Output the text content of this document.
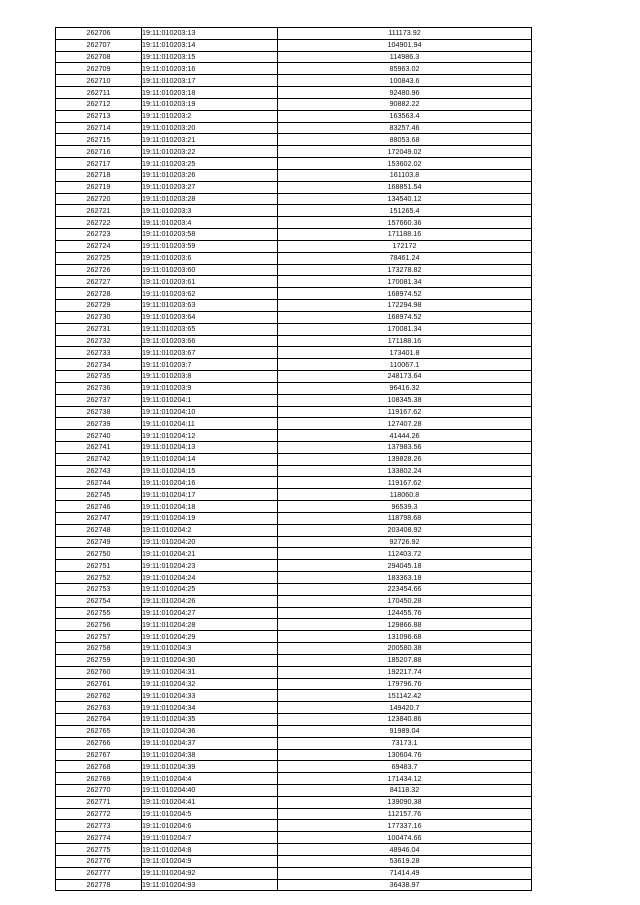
262706	19:11:010203:13	111173.92
262707	19:11:010203:14	104901.94
262708	19:11:010203:15	114986.3
262709	19:11:010203:16	85963.02
262710	19:11:010203:17	100843.6
262711	19:11:010203:18	92480.96
262712	19:11:010203:19	90882.22
262713	19:11:010203:2	163563.4
262714	19:11:010203:20	83257.46
262715	19:11:010203:21	88053.68
262716	19:11:010203:22	172049.02
262717	19:11:010203:25	153602.02
262718	19:11:010203:26	161103.8
262719	19:11:010203:27	168851.54
262720	19:11:010203:28	134540.12
262721	19:11:010203:3	151265.4
262722	19:11:010203:4	157660.36
262723	19:11:010203:58	171188.16
262724	19:11:010203:59	172172
262725	19:11:010203:6	78461.24
262726	19:11:010203:60	173278.82
262727	19:11:010203:61	170081.34
262728	19:11:010203:62	168974.52
262729	19:11:010203:63	172294.98
262730	19:11:010203:64	168974.52
262731	19:11:010203:65	170081.34
262732	19:11:010203:66	171188.16
262733	19:11:010203:67	173401.8
262734	19:11:010203:7	110067.1
262735	19:11:010203:8	248173.64
262736	19:11:010203:9	96416.32
262737	19:11:010204:1	108345.38
262738	19:11:010204:10	119167.62
262739	19:11:010204:11	127407.28
262740	19:11:010204:12	41444.26
262741	19:11:010204:13	137983.56
262742	19:11:010204:14	139828.26
262743	19:11:010204:15	133802.24
262744	19:11:010204:16	119167.62
262745	19:11:010204:17	118060.8
262746	19:11:010204:18	96539.3
262747	19:11:010204:19	118798.68
262748	19:11:010204:2	203408.92
262749	19:11:010204:20	92726.92
262750	19:11:010204:21	112403.72
262751	19:11:010204:23	294045.18
262752	19:11:010204:24	183363.18
262753	19:11:010204:25	223454.66
262754	19:11:010204:26	170450.28
262755	19:11:010204:27	124455.76
262756	19:11:010204:28	129866.88
262757	19:11:010204:29	131096.68
262758	19:11:010204:3	200580.38
262759	19:11:010204:30	185207.88
262760	19:11:010204:31	192217.74
262761	19:11:010204:32	179796.76
262762	19:11:010204:33	151142.42
262763	19:11:010204:34	149420.7
262764	19:11:010204:35	123840.86
262765	19:11:010204:36	91989.04
262766	19:11:010204:37	73173.1
262767	19:11:010204:38	130604.76
262768	19:11:010204:39	69483.7
262769	19:11:010204:4	171434.12
262770	19:11:010204:40	84118.32
262771	19:11:010204:41	139090.38
262772	19:11:010204:5	112157.76
262773	19:11:010204:6	177337.16
262774	19:11:010204:7	100474.66
262775	19:11:010204:8	48946.04
262776	19:11:010204:9	53619.28
262777	19:11:010204:92	71414.49
262778	19:11:010204:93	36438.97
